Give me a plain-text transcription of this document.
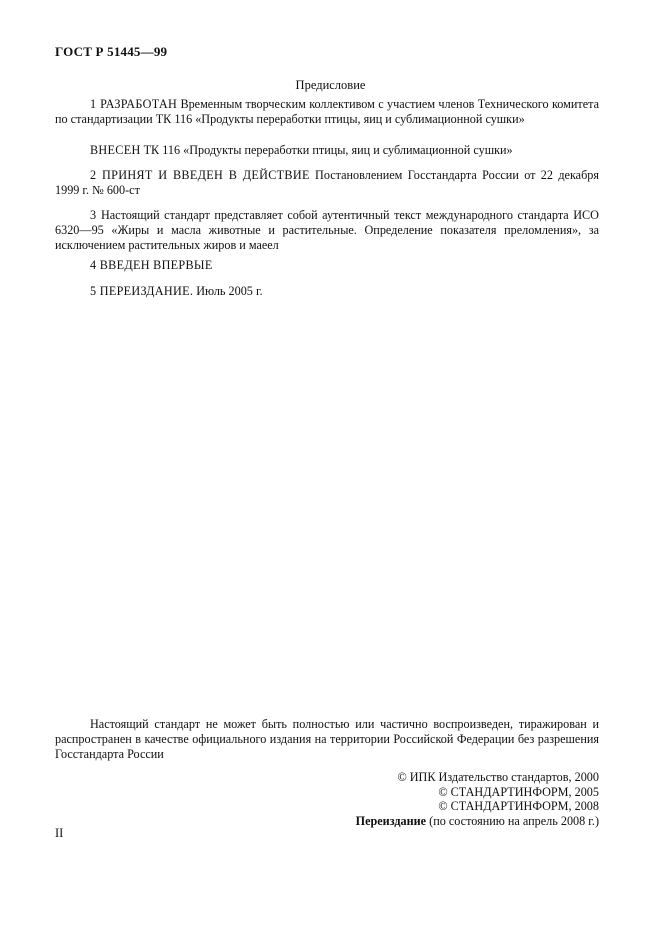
ГОСТ Р 51445—99
Предисловие

1 РАЗРАБОТАН Временным творческим коллективом с участием членов Технического комитета по стандартизации ТК 116 «Продукты переработки птицы, яиц и сублимационной сушки»

ВНЕСЕН ТК 116 «Продукты переработки птицы, яиц и сублимационной сушки»

2 ПРИНЯТ И ВВЕДЕН В ДЕЙСТВИЕ Постановлением Госстандарта России от 22 декабря 1999 г. № 600-ст

3 Настоящий стандарт представляет собой аутентичный текст международного стандарта ИСО 6320—95 «Жиры и масла животные и растительные. Определение показателя преломления», за исключением растительных жиров и маеел

4 ВВЕДЕН ВПЕРВЫЕ

5 ПЕРЕИЗДАНИЕ. Июль 2005 г.

Настоящий стандарт не может быть полностью или частично воспроизведен, тиражирован и распространен в качестве официального издания на территории Российской Федерации без разрешения Госстандарта России

© ИПК Издательство стандартов, 2000
© СТАНДАРТИНФОРМ, 2005
© СТАНДАРТИНФОРМ, 2008
Переиздание (по состоянию на апрель 2008 г.)
II
